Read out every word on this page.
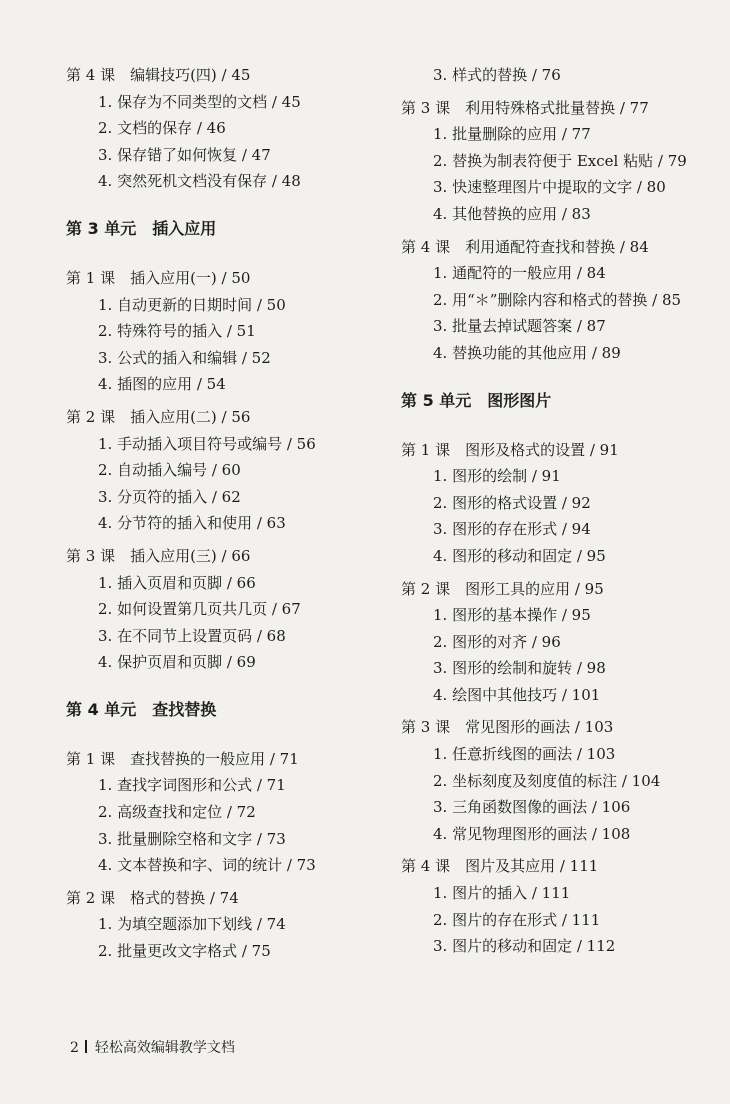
第 4 课　编辑技巧(四) / 45
1. 保存为不同类型的文档 / 45
2. 文档的保存 / 46
3. 保存错了如何恢复 / 47
4. 突然死机文档没有保存 / 48
第 3 单元　插入应用
第 1 课　插入应用(一) / 50
1. 自动更新的日期时间 / 50
2. 特殊符号的插入 / 51
3. 公式的插入和编辑 / 52
4. 插图的应用 / 54
第 2 课　插入应用(二) / 56
1. 手动插入项目符号或编号 / 56
2. 自动插入编号 / 60
3. 分页符的插入 / 62
4. 分节符的插入和使用 / 63
第 3 课　插入应用(三) / 66
1. 插入页眉和页脚 / 66
2. 如何设置第几页共几页 / 67
3. 在不同节上设置页码 / 68
4. 保护页眉和页脚 / 69
第 4 单元　查找替换
第 1 课　查找替换的一般应用 / 71
1. 查找字词图形和公式 / 71
2. 高级查找和定位 / 72
3. 批量删除空格和文字 / 73
4. 文本替换和字、词的统计 / 73
第 2 课　格式的替换 / 74
1. 为填空题添加下划线 / 74
2. 批量更改文字格式 / 75
3. 样式的替换 / 76
第 3 课　利用特殊格式批量替换 / 77
1. 批量删除的应用 / 77
2. 替换为制表符便于 Excel 粘贴 / 79
3. 快速整理图片中提取的文字 / 80
4. 其他替换的应用 / 83
第 4 课　利用通配符查找和替换 / 84
1. 通配符的一般应用 / 84
2. 用“＊”删除内容和格式的替换 / 85
3. 批量去掉试题答案 / 87
4. 替换功能的其他应用 / 89
第 5 单元　图形图片
第 1 课　图形及格式的设置 / 91
1. 图形的绘制 / 91
2. 图形的格式设置 / 92
3. 图形的存在形式 / 94
4. 图形的移动和固定 / 95
第 2 课　图形工具的应用 / 95
1. 图形的基本操作 / 95
2. 图形的对齐 / 96
3. 图形的绘制和旋转 / 98
4. 绘图中其他技巧 / 101
第 3 课　常见图形的画法 / 103
1. 任意折线图的画法 / 103
2. 坐标刻度及刻度值的标注 / 104
3. 三角函数图像的画法 / 106
4. 常见物理图形的画法 / 108
第 4 课　图片及其应用 / 111
1. 图片的插入 / 111
2. 图片的存在形式 / 111
3. 图片的移动和固定 / 112
2 轻松高效编辑教学文档
